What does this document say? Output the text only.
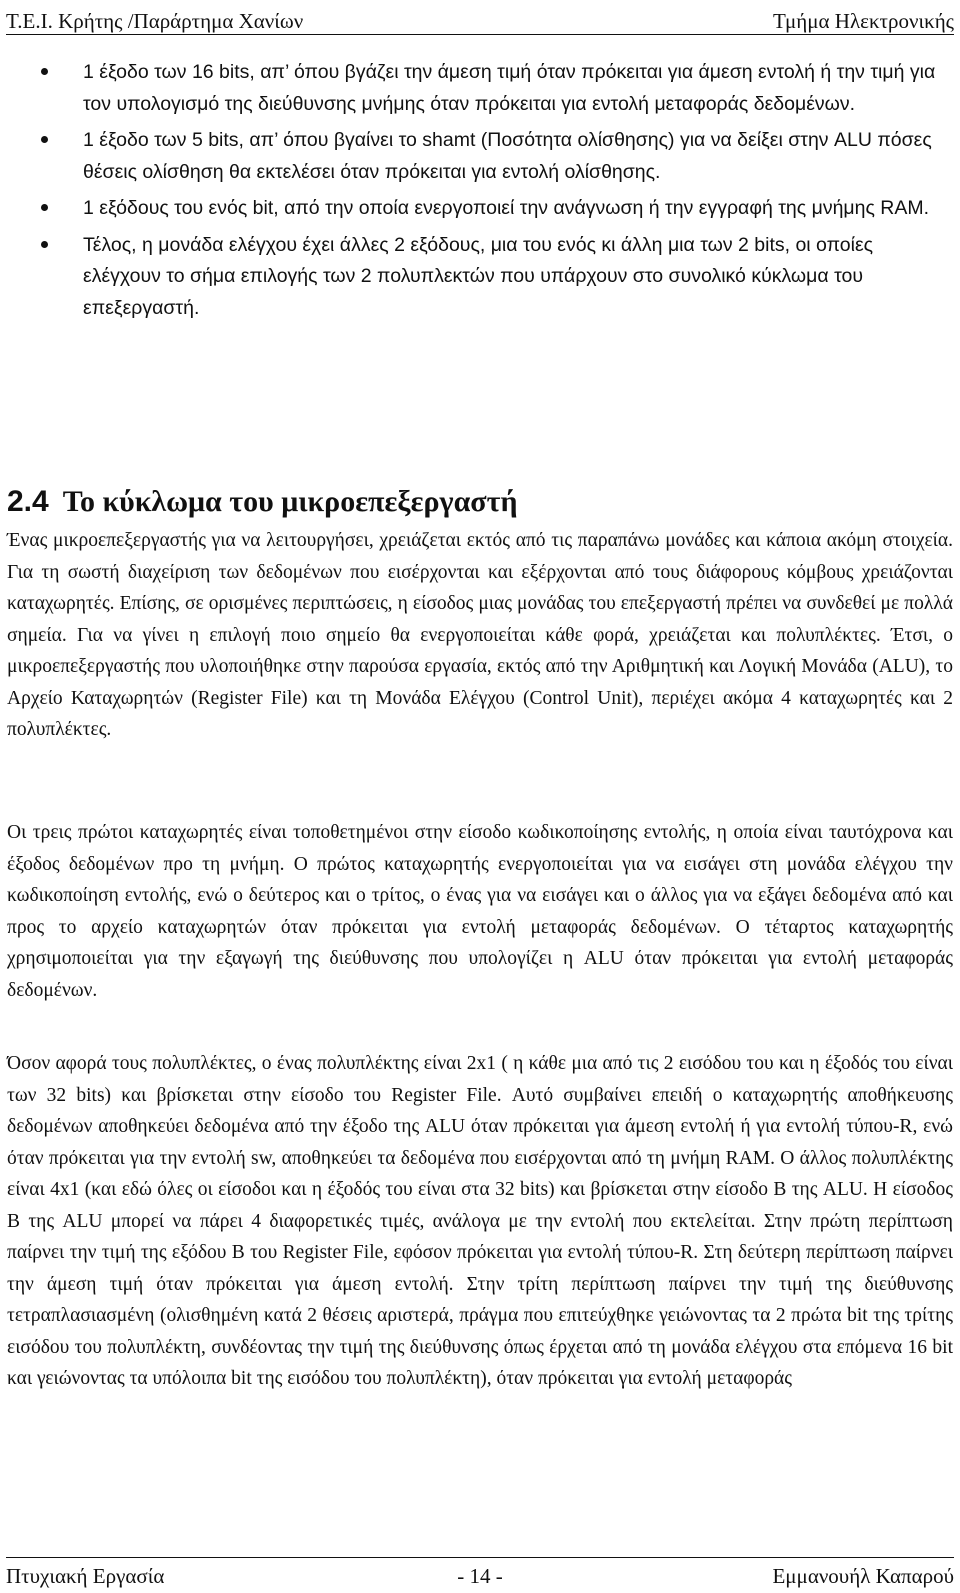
Τ.Ε.Ι. Κρήτης /Παράρτημα Χανίων	Τμήμα Ηλεκτρονικής
1 έξοδο των 16 bits, απ’ όπου βγάζει την άμεση τιμή όταν πρόκειται για άμεση εντολή ή την τιμή για τον υπολογισμό της διεύθυνσης μνήμης όταν πρόκειται για εντολή μεταφοράς δεδομένων.
1 έξοδο των 5 bits, απ’ όπου βγαίνει το shamt (Ποσότητα ολίσθησης) για να δείξει στην ALU πόσες θέσεις ολίσθηση θα εκτελέσει όταν πρόκειται για εντολή ολίσθησης.
1 εξόδους του ενός bit, από την οποία ενεργοποιεί την ανάγνωση ή την εγγραφή της μνήμης RAM.
Τέλος, η μονάδα ελέγχου έχει άλλες 2 εξόδους, μια του ενός κι άλλη μια των 2 bits, οι οποίες ελέγχουν το σήμα επιλογής των 2 πολυπλεκτών που υπάρχουν στο συνολικό κύκλωμα του επεξεργαστή.
2.4 Το κύκλωμα του μικροεπεξεργαστή

Ένας μικροεπεξεργαστής για να λειτουργήσει, χρειάζεται εκτός από τις παραπάνω μονάδες και κάποια ακόμη στοιχεία. Για τη σωστή διαχείριση των δεδομένων που εισέρχονται και εξέρχονται από τους διάφορους κόμβους χρειάζονται καταχωρητές. Επίσης, σε ορισμένες περιπτώσεις, η είσοδος μιας μονάδας του επεξεργαστή πρέπει να συνδεθεί με πολλά σημεία. Για να γίνει η επιλογή ποιο σημείο θα ενεργοποιείται κάθε φορά, χρειάζεται και πολυπλέκτες. Έτσι, ο μικροεπεξεργαστής που υλοποιήθηκε στην παρούσα εργασία, εκτός από την Αριθμητική και Λογική Μονάδα (ALU), το Αρχείο Καταχωρητών (Register File) και τη Μονάδα Ελέγχου (Control Unit), περιέχει ακόμα 4 καταχωρητές και 2 πολυπλέκτες.

Οι τρεις πρώτοι καταχωρητές είναι τοποθετημένοι στην είσοδο κωδικοποίησης εντολής, η οποία είναι ταυτόχρονα και έξοδος δεδομένων προ τη μνήμη. Ο πρώτος καταχωρητής ενεργοποιείται για να εισάγει στη μονάδα ελέγχου την κωδικοποίηση εντολής, ενώ ο δεύτερος και ο τρίτος, ο ένας για να εισάγει και ο άλλος για να εξάγει δεδομένα από και προς το αρχείο καταχωρητών όταν πρόκειται για εντολή μεταφοράς δεδομένων. Ο τέταρτος καταχωρητής χρησιμοποιείται για την εξαγωγή της διεύθυνσης που υπολογίζει η ALU όταν πρόκειται για εντολή μεταφοράς δεδομένων.

Όσον αφορά τους πολυπλέκτες, ο ένας πολυπλέκτης είναι 2x1 ( η κάθε μια από τις 2 εισόδου του και η έξοδός του είναι των 32 bits) και βρίσκεται στην είσοδο του Register File. Αυτό συμβαίνει επειδή ο καταχωρητής αποθήκευσης δεδομένων αποθηκεύει δεδομένα από την έξοδο της ALU όταν πρόκειται για άμεση εντολή ή για εντολή τύπου-R, ενώ όταν πρόκειται για την εντολή sw, αποθηκεύει τα δεδομένα που εισέρχονται από τη μνήμη RAM. Ο άλλος πολυπλέκτης είναι 4x1 (και εδώ όλες οι είσοδοι και η έξοδός του είναι στα 32 bits) και βρίσκεται στην είσοδο B της ALU. Η είσοδος B της ALU μπορεί να πάρει 4 διαφορετικές τιμές, ανάλογα με την εντολή που εκτελείται. Στην πρώτη περίπτωση παίρνει την τιμή της εξόδου B του Register File, εφόσον πρόκειται για εντολή τύπου-R. Στη δεύτερη περίπτωση παίρνει την άμεση τιμή όταν πρόκειται για άμεση εντολή. Στην τρίτη περίπτωση παίρνει την τιμή της διεύθυνσης τετραπλασιασμένη (ολισθημένη κατά 2 θέσεις αριστερά, πράγμα που επιτεύχθηκε γειώνοντας τα 2 πρώτα bit της τρίτης εισόδου του πολυπλέκτη, συνδέοντας την τιμή της διεύθυνσης όπως έρχεται από τη μονάδα ελέγχου στα επόμενα 16 bit και γειώνοντας τα υπόλοιπα bit της εισόδου του πολυπλέκτη), όταν πρόκειται για εντολή μεταφοράς

Πτυχιακή Εργασία	- 14 -	Εμμανουήλ Καπαρού
